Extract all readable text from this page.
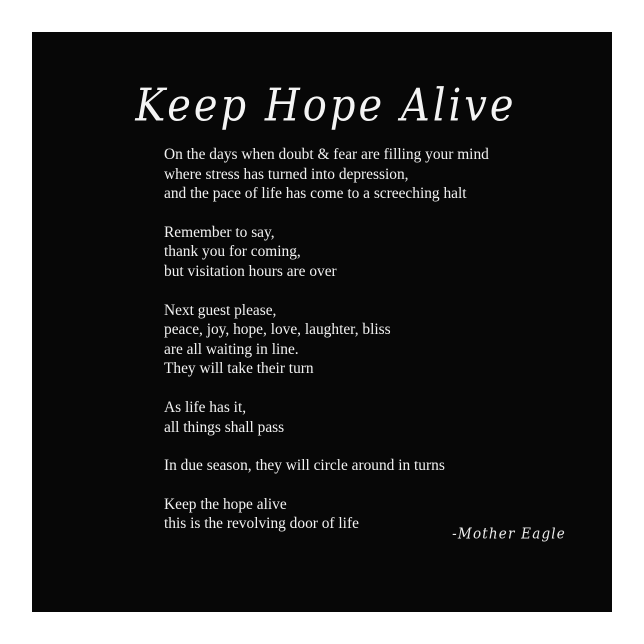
Keep Hope Alive
On the days when doubt & fear are filling your mind
where stress has turned into depression,
and the pace of life has come to a screeching halt
Remember to say,
thank you for coming,
but visitation hours are over
Next guest please,
peace, joy, hope, love, laughter, bliss
are all waiting in line.
They will take their turn
As life has it,
all things shall pass
In due season, they will circle around in turns
Keep the hope alive
this is the revolving door of life
-Mother Eagle
